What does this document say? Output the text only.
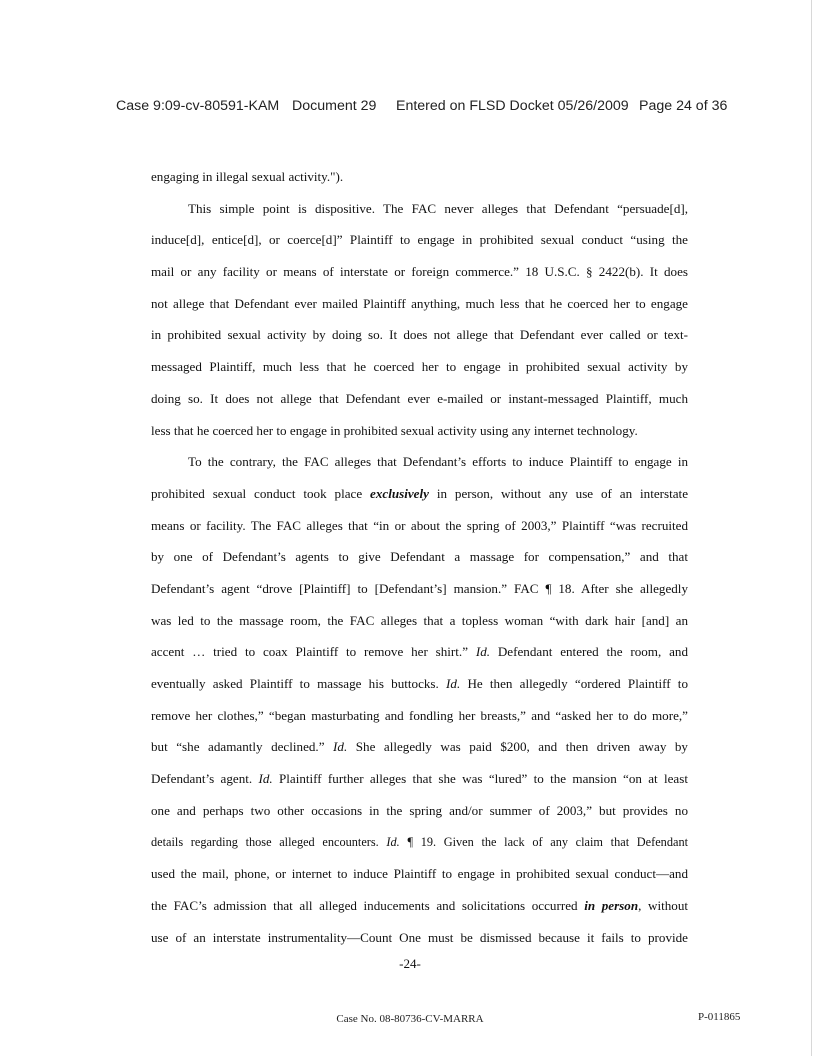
Case 9:09-cv-80591-KAM Document 29 Entered on FLSD Docket 05/26/2009 Page 24 of 36
engaging in illegal sexual activity.").
This simple point is dispositive. The FAC never alleges that Defendant “persuade[d],
induce[d], entice[d], or coerce[d]” Plaintiff to engage in prohibited sexual conduct “using the
mail or any facility or means of interstate or foreign commerce.” 18 U.S.C. § 2422(b). It does
not allege that Defendant ever mailed Plaintiff anything, much less that he coerced her to engage
in prohibited sexual activity by doing so. It does not allege that Defendant ever called or text-
messaged Plaintiff, much less that he coerced her to engage in prohibited sexual activity by
doing so. It does not allege that Defendant ever e-mailed or instant-messaged Plaintiff, much
less that he coerced her to engage in prohibited sexual activity using any internet technology.
To the contrary, the FAC alleges that Defendant’s efforts to induce Plaintiff to engage in
prohibited sexual conduct took place exclusively in person, without any use of an interstate
means or facility. The FAC alleges that “in or about the spring of 2003,” Plaintiff “was recruited
by one of Defendant’s agents to give Defendant a massage for compensation,” and that
Defendant’s agent “drove [Plaintiff] to [Defendant’s] mansion.” FAC ¶ 18. After she allegedly
was led to the massage room, the FAC alleges that a topless woman “with dark hair [and] an
accent … tried to coax Plaintiff to remove her shirt.” Id. Defendant entered the room, and
eventually asked Plaintiff to massage his buttocks. Id. He then allegedly “ordered Plaintiff to
remove her clothes,” “began masturbating and fondling her breasts,” and “asked her to do more,”
but “she adamantly declined.” Id. She allegedly was paid $200, and then driven away by
Defendant’s agent. Id. Plaintiff further alleges that she was “lured” to the mansion “on at least
one and perhaps two other occasions in the spring and/or summer of 2003,” but provides no
details regarding those alleged encounters. Id. ¶ 19. Given the lack of any claim that Defendant
used the mail, phone, or internet to induce Plaintiff to engage in prohibited sexual conduct—and
the FAC’s admission that all alleged inducements and solicitations occurred in person, without
use of an interstate instrumentality—Count One must be dismissed because it fails to provide
-24-
Case No. 08-80736-CV-MARRA	P-011865
